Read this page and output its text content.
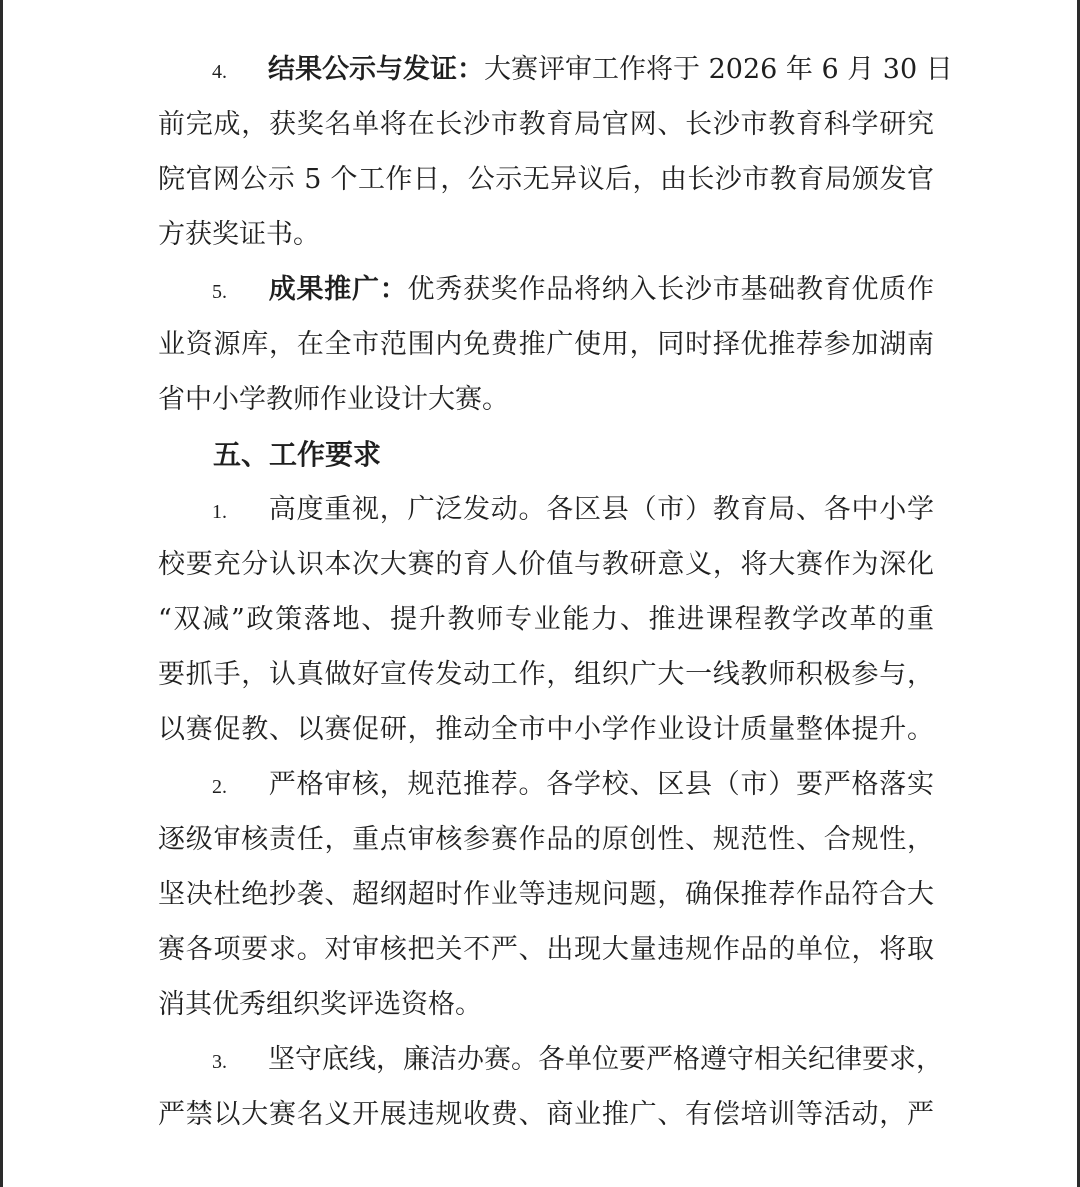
4. 结果公示与发证：大赛评审工作将于 2026 年 6 月 30 日
前完成，获奖名单将在长沙市教育局官网、长沙市教育科学研究
院官网公示 5 个工作日，公示无异议后，由长沙市教育局颁发官
方获奖证书。
5. 成果推广：优秀获奖作品将纳入长沙市基础教育优质作
业资源库，在全市范围内免费推广使用，同时择优推荐参加湖南
省中小学教师作业设计大赛。
五、工作要求
1. 高度重视，广泛发动。各区县（市）教育局、各中小学
校要充分认识本次大赛的育人价值与教研意义，将大赛作为深化
“双减”政策落地、提升教师专业能力、推进课程教学改革的重
要抓手，认真做好宣传发动工作，组织广大一线教师积极参与，
以赛促教、以赛促研，推动全市中小学作业设计质量整体提升。
2. 严格审核，规范推荐。各学校、区县（市）要严格落实
逐级审核责任，重点审核参赛作品的原创性、规范性、合规性，
坚决杜绝抄袭、超纲超时作业等违规问题，确保推荐作品符合大
赛各项要求。对审核把关不严、出现大量违规作品的单位，将取
消其优秀组织奖评选资格。
3. 坚守底线，廉洁办赛。各单位要严格遵守相关纪律要求，
严禁以大赛名义开展违规收费、商业推广、有偿培训等活动，严
